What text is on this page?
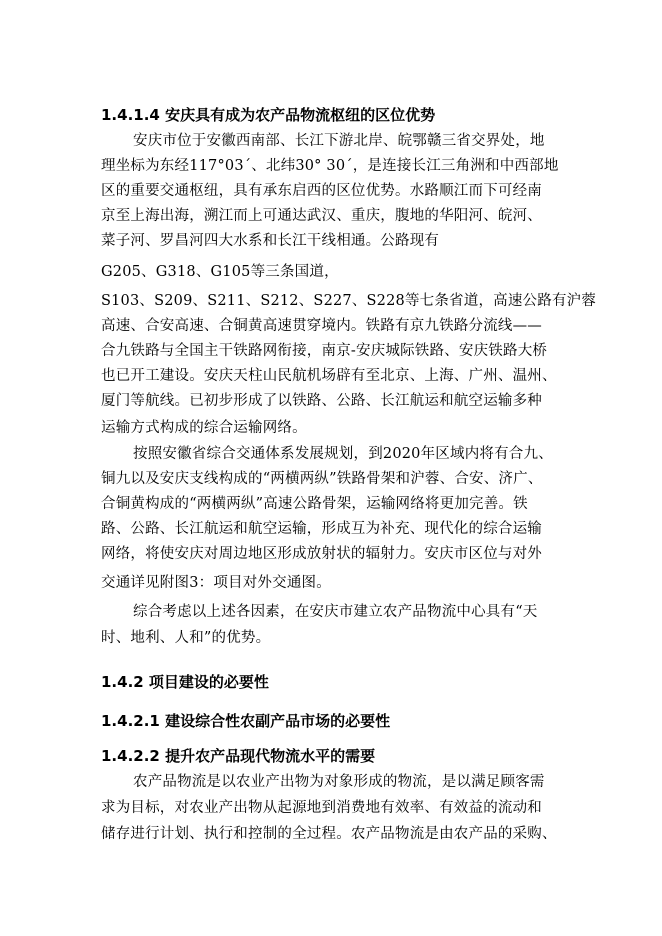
1.4.1.4 安庆具有成为农产品物流枢纽的区位优势
安庆市位于安徽西南部、长江下游北岸、皖鄂赣三省交界处，地
理坐标为东经117°03´、北纬30° 30´，是连接长江三角洲和中西部地
区的重要交通枢纽，具有承东启西的区位优势。水路顺江而下可经南
京至上海出海，溯江而上可通达武汉、重庆，腹地的华阳河、皖河、
菜子河、罗昌河四大水系和长江干线相通。公路现有
G205、G318、G105等三条国道，
S103、S209、S211、S212、S227、S228等七条省道，高速公路有沪蓉
高速、合安高速、合铜黄高速贯穿境内。铁路有京九铁路分流线——
合九铁路与全国主干铁路网衔接，南京-安庆城际铁路、安庆铁路大桥
也已开工建设。安庆天柱山民航机场辟有至北京、上海、广州、温州、
厦门等航线。已初步形成了以铁路、公路、长江航运和航空运输多种
运输方式构成的综合运输网络。
按照安徽省综合交通体系发展规划，到2020年区域内将有合九、
铜九以及安庆支线构成的“两横两纵”铁路骨架和沪蓉、合安、济广、
合铜黄构成的“两横两纵”高速公路骨架，运输网络将更加完善。铁
路、公路、长江航运和航空运输，形成互为补充、现代化的综合运输
网络，将使安庆对周边地区形成放射状的辐射力。安庆市区位与对外
交通详见附图3：项目对外交通图。
综合考虑以上述各因素，在安庆市建立农产品物流中心具有“天
时、地利、人和”的优势。
1.4.2 项目建设的必要性
1.4.2.1 建设综合性农副产品市场的必要性
1.4.2.2 提升农产品现代物流水平的需要
农产品物流是以农业产出物为对象形成的物流，是以满足顾客需
求为目标，对农业产出物从起源地到消费地有效率、有效益的流动和
储存进行计划、执行和控制的全过程。农产品物流是由农产品的采购、
